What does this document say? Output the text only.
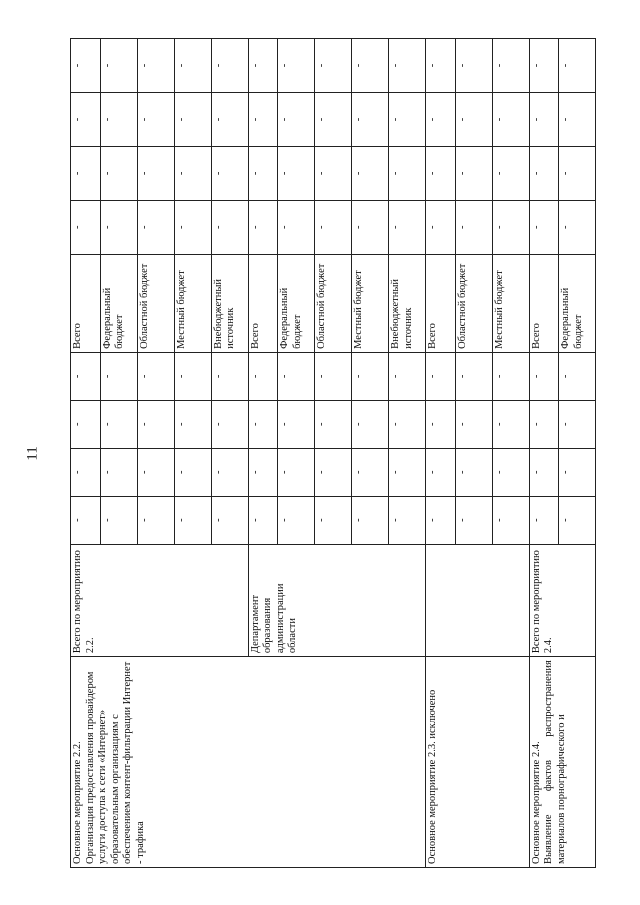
11
Основное мероприятие 2.2. Организация предоставления провайдером услуги доступа к сети «Интернет» образовательным организациям с обеспечением контент-фильтрации Интернет - трафика	Всего по мероприятию 2.2.	-	-	-	-	Всего	-	-	-	-
		-	-	-	-	Федеральный бюджет	-	-	-	-
		-	-	-	-	Областной бюджет	-	-	-	-
		-	-	-	-	Местный бюджет	-	-	-	-
		-	-	-	-	Внебюджетный источник	-	-	-	-
	Департамент образования администрации области	-	-	-	-	Всего	-	-	-	-
		-	-	-	-	Федеральный бюджет	-	-	-	-
		-	-	-	-	Областной бюджет	-	-	-	-
		-	-	-	-	Местный бюджет	-	-	-	-
		-	-	-	-	Внебюджетный источник	-	-	-	-

Основное мероприятие 2.3. исключено		-	-	-	-	Всего	-	-	-	-
		-	-	-	-	Областной бюджет	-	-	-	-
		-	-	-	-	Местный бюджет	-	-	-	-

Основное мероприятие 2.4. Выявление фактов распространения материалов порнографического и	Всего по мероприятию 2.4.	-	-	-	-	Всего	-	-	-	-
		-	-	-	-	Федеральный бюджет	-	-	-	-
